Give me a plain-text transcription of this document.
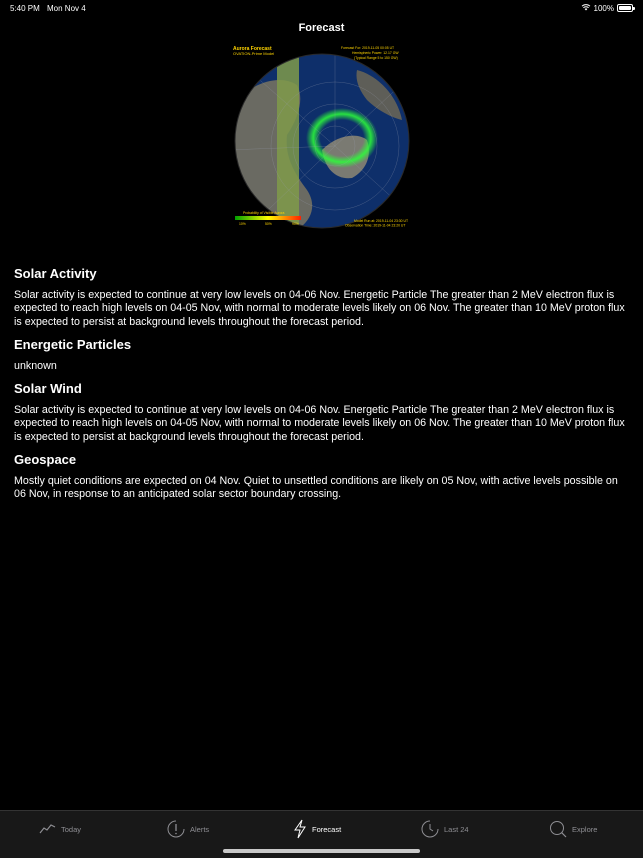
5:40 PM Mon Nov 4	100%
Forecast
Aurora Forecast
OVATION-Prime Model
Forecast For: 2019-11-05 00:05 UT
Hemispheric Power: 12.17 GW
(Typical Range 5 to 150 GW)
Probability of Visible Aurora
10%	50%	90%
Model Run at: 2019-11-04 23:30 UT
Observation Time: 2019-11-04 23:20 UT
Solar Activity
Solar activity is expected to continue at very low levels on 04-06 Nov. Energetic Particle The greater than 2 MeV electron flux is expected to reach high levels on 04-05 Nov, with normal to moderate levels likely on 06 Nov. The greater than 10 MeV proton flux is expected to persist at background levels throughout the forecast period.
Energetic Particles
unknown
Solar Wind
Solar activity is expected to continue at very low levels on 04-06 Nov. Energetic Particle The greater than 2 MeV electron flux is expected to reach high levels on 04-05 Nov, with normal to moderate levels likely on 06 Nov. The greater than 10 MeV proton flux is expected to persist at background levels throughout the forecast period.
Geospace
Mostly quiet conditions are expected on 04 Nov. Quiet to unsettled conditions are likely on 05 Nov, with active levels possible on 06 Nov, in response to an anticipated solar sector boundary crossing.
Today	Alerts	Forecast	Last 24	Explore
